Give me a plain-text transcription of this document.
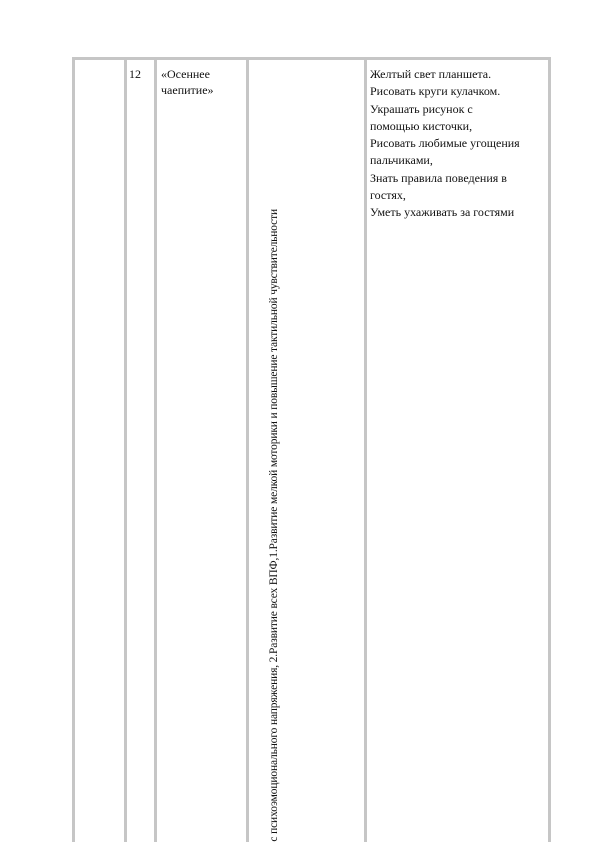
12 «Осеннее
чаепитие»
с психоэмоционального напряжения, 2.Развитие всех ВПФ,1.Развитие мелкой моторики и повышение тактильной чувствительности
Желтый свет планшета.
Рисовать круги кулачком.
Украшать рисунок с
помощью кисточки,
Рисовать любимые угощения
пальчиками,
Знать правила поведения в
гостях,
Уметь ухаживать за гостями
